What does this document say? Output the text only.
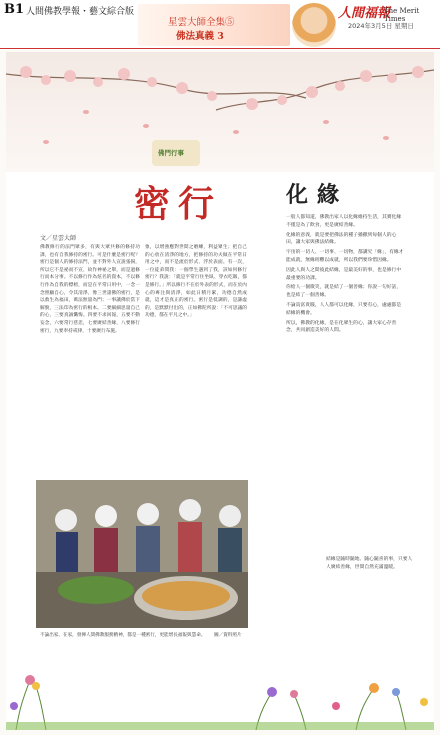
B1 人間佛教學報・藝文綜合版
星雲大師全集⑤
佛法真義 3
人間福報
The Merit Times
2024年3月5日 星期日
佛門行事
密行
文／星雲大師
佛教修行的法門眾多，有與大眾共修的修持功課，也有自我修持的密行。可是什麼是密行呢？密行是個人的修持法門，並不對外人宣說張揚，所以它不是祕而不宣、故作神祕之舉，而是過修行而本分事。不以修行作為炫名的資本，不以修行作為自我的標榜，而是在平常日用中，一念一念照顧自心，令其清淨。像三世諸佛的密行，是以救生為福田，萬法無量為門；一事讓佛於當下解脫，三法印為密行的根本。二要細細思量自己的心，三要真誠懺悔。四要不求回報，五要不動妄念，六要常行慈悲，七要廣結善緣，八要修行密行，九要奉持戒律，十要廣行布施。
象，以增強應對世間之磨練，利益眾生；把自己的心放在清淨的地方，把修持的功夫做在平常日用之中，而不是流於形式、浮於表面。有一次，一位徒弟問我：一個學生遇到了我，該如何修行密行？我說：「就是平常行住坐臥、穿衣吃飯，都是修行。」所以修行不在於外表的形式，而在於內心的專注與清淨，如此日積月累，功德自然成就，這才是真正的密行。密行是低調的，是謙虛的，是默默付出的，正如佛陀所說：「不可思議的功德，都在平凡之中。」
不論出家、在家，發揮人間佛教服務精神，都是一種密行，更能增長福報與慧命。	圖／資料照片
化緣

一般人都知道，佛教出家人以化緣維持生活，其實化緣不僅是為了飲食，更是廣結善緣。

化緣的意義，就是要把佛法的種子播撒到每個人的心田，讓大家與佛法結緣。

宇宙的一切人、一切事、一切物，都講究「緣」，有緣才能成就，無緣則難以成就，所以我們要珍惜因緣。

因此人與人之間彼此結緣，是最美好的事，也是修行中最重要的功課。

你給人一個微笑，就是結了一個善緣；你說一句好話，也是結了一個善緣。

不論貧富貴賤，人人都可以化緣，只要有心，處處都是結緣的機會。

所以，佛教的化緣，是在化眾生的心，讓大家心存善念，共同創造美好的人間。

結緣是隨時隨地、隨心隨喜的事，只要人人廣結善緣，世間自然充滿溫暖。
